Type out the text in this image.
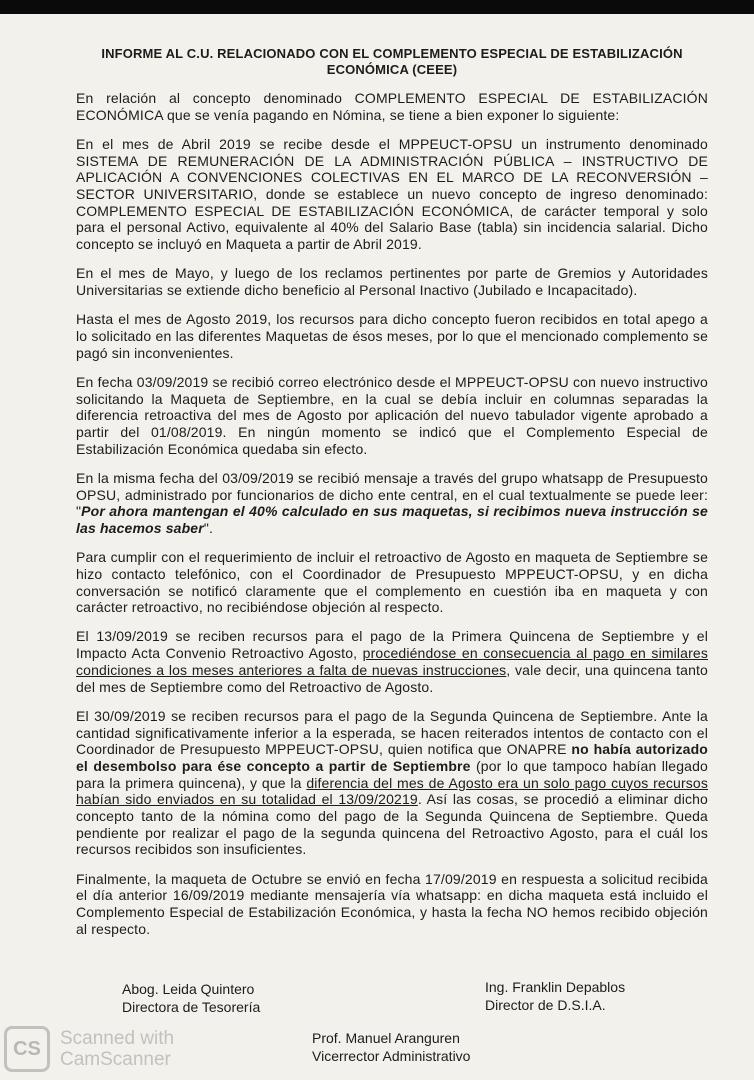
INFORME AL C.U. RELACIONADO CON EL COMPLEMENTO ESPECIAL DE ESTABILIZACIÓN ECONÓMICA (CEEE)

En relación al concepto denominado COMPLEMENTO ESPECIAL DE ESTABILIZACIÓN ECONÓMICA que se venía pagando en Nómina, se tiene a bien exponer lo siguiente:

En el mes de Abril 2019 se recibe desde el MPPEUCT-OPSU un instrumento denominado SISTEMA DE REMUNERACIÓN DE LA ADMINISTRACIÓN PÚBLICA – INSTRUCTIVO DE APLICACIÓN A CONVENCIONES COLECTIVAS EN EL MARCO DE LA RECONVERSIÓN – SECTOR UNIVERSITARIO, donde se establece un nuevo concepto de ingreso denominado: COMPLEMENTO ESPECIAL DE ESTABILIZACIÓN ECONÓMICA, de carácter temporal y solo para el personal Activo, equivalente al 40% del Salario Base (tabla) sin incidencia salarial. Dicho concepto se incluyó en Maqueta a partir de Abril 2019.

En el mes de Mayo, y luego de los reclamos pertinentes por parte de Gremios y Autoridades Universitarias se extiende dicho beneficio al Personal Inactivo (Jubilado e Incapacitado).

Hasta el mes de Agosto 2019, los recursos para dicho concepto fueron recibidos en total apego a lo solicitado en las diferentes Maquetas de ésos meses, por lo que el mencionado complemento se pagó sin inconvenientes.

En fecha 03/09/2019 se recibió correo electrónico desde el MPPEUCT-OPSU con nuevo instructivo solicitando la Maqueta de Septiembre, en la cual se debía incluir en columnas separadas la diferencia retroactiva del mes de Agosto por aplicación del nuevo tabulador vigente aprobado a partir del 01/08/2019. En ningún momento se indicó que el Complemento Especial de Estabilización Económica quedaba sin efecto.

En la misma fecha del 03/09/2019 se recibió mensaje a través del grupo whatsapp de Presupuesto OPSU, administrado por funcionarios de dicho ente central, en el cual textualmente se puede leer: "Por ahora mantengan el 40% calculado en sus maquetas, si recibimos nueva instrucción se las hacemos saber".

Para cumplir con el requerimiento de incluir el retroactivo de Agosto en maqueta de Septiembre se hizo contacto telefónico, con el Coordinador de Presupuesto MPPEUCT-OPSU, y en dicha conversación se notificó claramente que el complemento en cuestión iba en maqueta y con carácter retroactivo, no recibiéndose objeción al respecto.

El 13/09/2019 se reciben recursos para el pago de la Primera Quincena de Septiembre y el Impacto Acta Convenio Retroactivo Agosto, procediéndose en consecuencia al pago en similares condiciones a los meses anteriores a falta de nuevas instrucciones, vale decir, una quincena tanto del mes de Septiembre como del Retroactivo de Agosto.

El 30/09/2019 se reciben recursos para el pago de la Segunda Quincena de Septiembre. Ante la cantidad significativamente inferior a la esperada, se hacen reiterados intentos de contacto con el Coordinador de Presupuesto MPPEUCT-OPSU, quien notifica que ONAPRE no había autorizado el desembolso para ése concepto a partir de Septiembre (por lo que tampoco habían llegado para la primera quincena), y que la diferencia del mes de Agosto era un solo pago cuyos recursos habían sido enviados en su totalidad el 13/09/20219. Así las cosas, se procedió a eliminar dicho concepto tanto de la nómina como del pago de la Segunda Quincena de Septiembre. Queda pendiente por realizar el pago de la segunda quincena del Retroactivo Agosto, para el cuál los recursos recibidos son insuficientes.

Finalmente, la maqueta de Octubre se envió en fecha 17/09/2019 en respuesta a solicitud recibida el día anterior 16/09/2019 mediante mensajería vía whatsapp: en dicha maqueta está incluido el Complemento Especial de Estabilización Económica, y hasta la fecha NO hemos recibido objeción al respecto.

Abog. Leida Quintero
Directora de Tesorería
Ing. Franklin Depablos
Director de D.S.I.A.
Prof. Manuel Aranguren
Vicerrector Administrativo
CS	Scanned with
CamScanner
